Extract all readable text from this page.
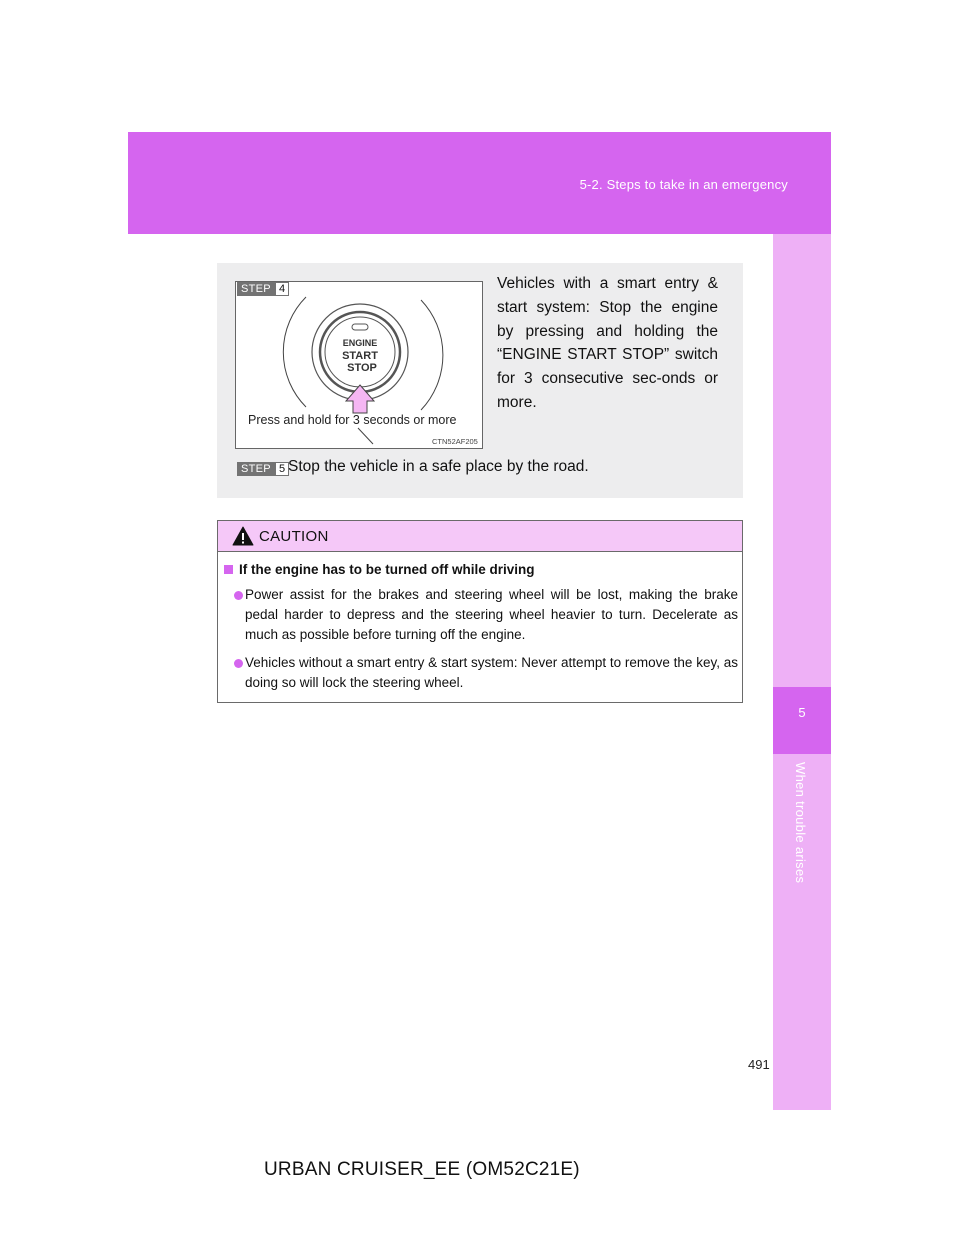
5-2. Steps to take in an emergency
5
When trouble arises
ENGINE
START
STOP
STEP 4
Press and hold for 3 seconds or more
CTN52AF205
Vehicles with a smart entry & start system: Stop the engine by pressing and holding the “ENGINE START STOP” switch for 3 consecutive sec-onds or more.
STEP 5 Stop the vehicle in a safe place by the road.
CAUTION
If the engine has to be turned off while driving
Power assist for the brakes and steering wheel will be lost, making the brake pedal harder to depress and the steering wheel heavier to turn. Decelerate as much as possible before turning off the engine.
Vehicles without a smart entry & start system: Never attempt to remove the key, as doing so will lock the steering wheel.
491
URBAN CRUISER_EE (OM52C21E)
